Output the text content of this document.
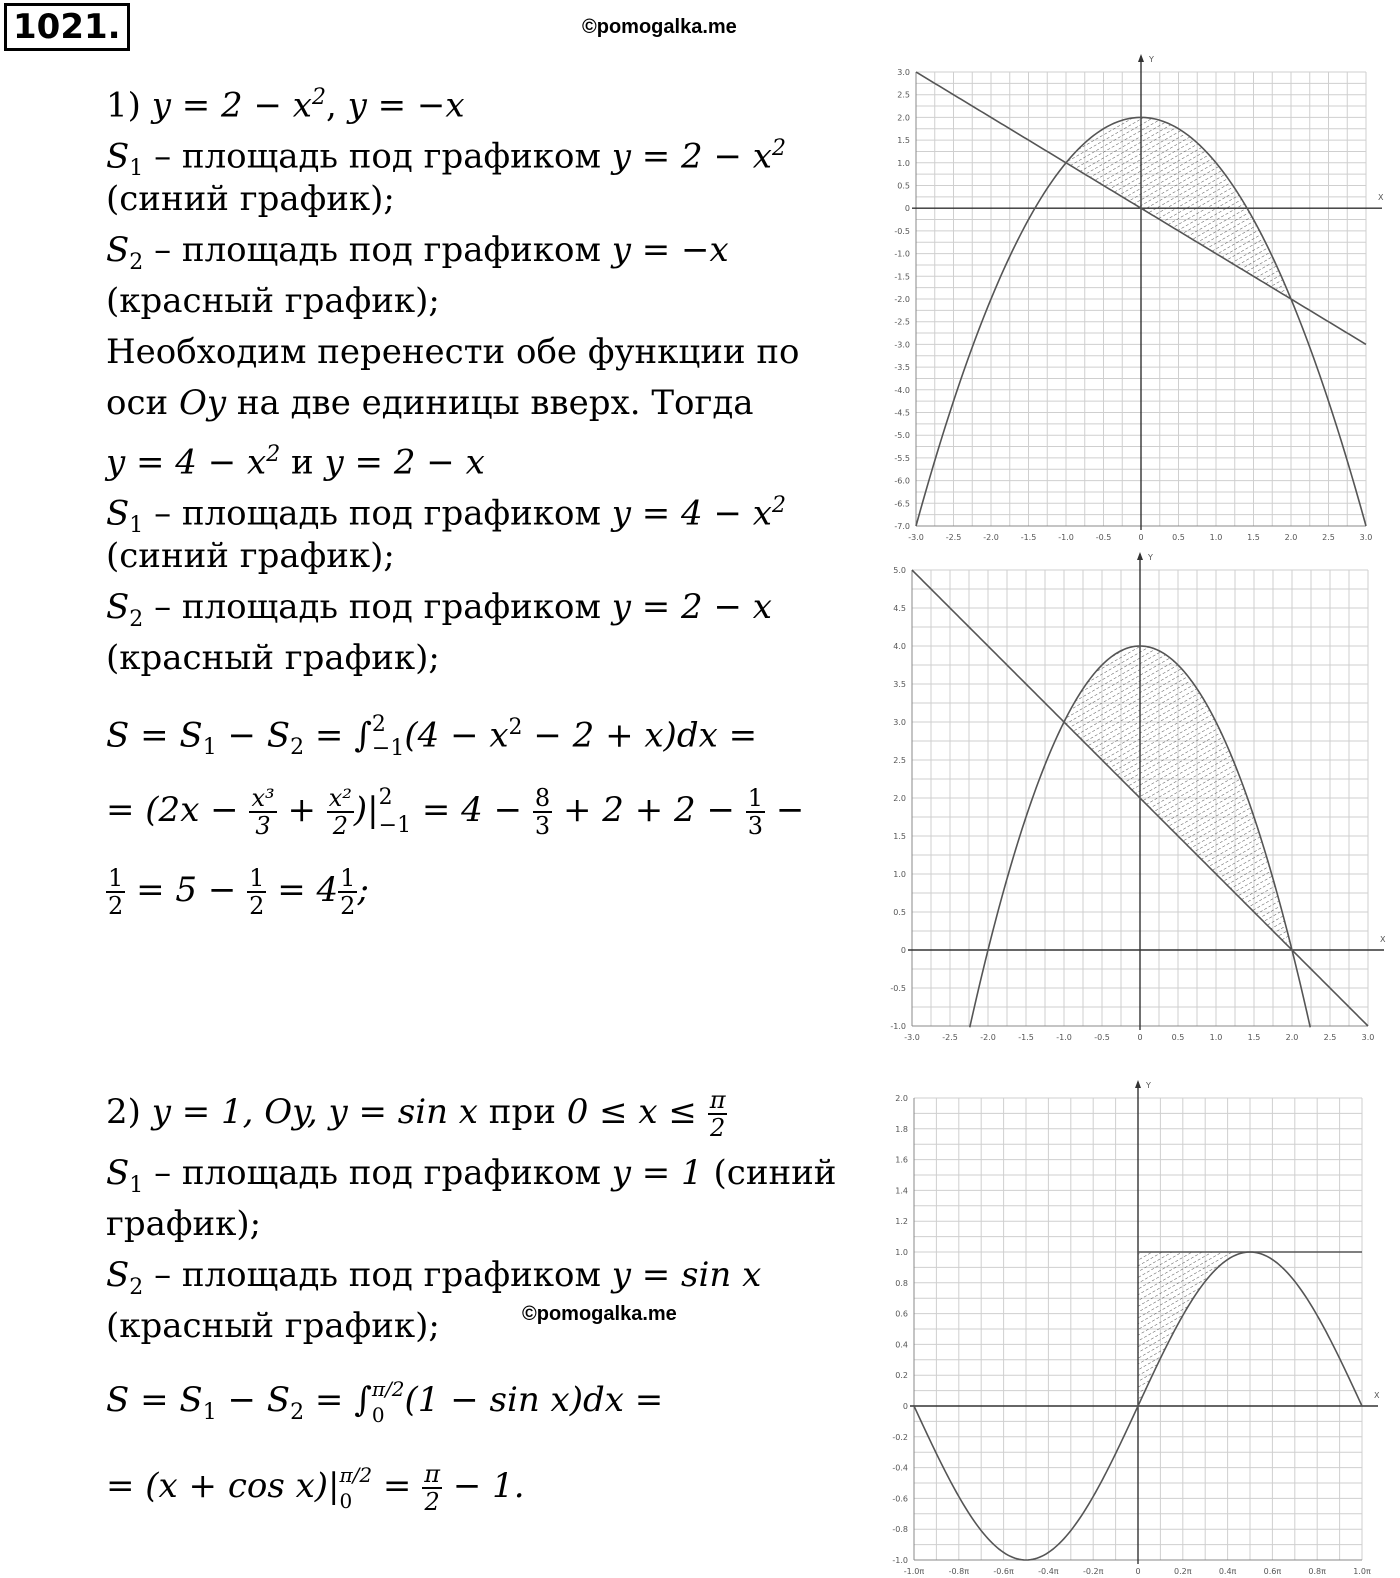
1021.	©pomogalka.me
©pomogalka.me
1) $y = 2 - x^2$, y = −x
$S_1$ – площадь под графиком $y = 2 - x^2$
(синий график);
$S_2$ – площадь под графиком y = −x
(красный график);
Необходим перенести обе функции по
оси Oy на две единицы вверх. Тогда
$y = 4 - x^2$ и y = 2 − x
$S_1$ – площадь под графиком $y = 4 - x^2$
(синий график);
$S_2$ – площадь под графиком y = 2 − x
(красный график);
$S = S_1 - S_2$ = ∫ 2
−1 $(4 - x^2 - 2 + x)dx$ =
= ($2x - \frac{\text{x³}}{3} + \frac{\text{x²}}{2}$ )| 2
$-1 = 4 - \frac{8}{3} + 2 + 2 - \frac{1}{3}$ −
$\frac{1}{2} = 5 - \frac{1}{2} = 4 \frac{1}{2}$ ;
2) y = 1, Oy, y = sin x при $0 \le x \le \frac{\pi}{2}$
$S_1$ – площадь под графиком y = 1 (синий
график);
$S_2$ – площадь под графиком y = sin x
(красный график);
$S = S_1 - S_2$ = ∫ π/2
0 (1 − sin x)dx =
= (x + cos x)| π/2
$0 = \frac{\pi}{2} - 1$.
X
Y
-3.0	-2.5	-2.0	-1.5	-1.0	-0.5	0	0.5	1.0	1.5	2.0	2.5	3.0
3.0
2.5
2.0
1.5
1.0
0.5
0
-0.5
-1.0
-1.5
-2.0
-2.5
-3.0
-3.5
-4.0
-4.5
-5.0
-5.5
-6.0
-6.5
-7.0
X
Y
-3.0	-2.5	-2.0	-1.5	-1.0	-0.5	0	0.5	1.0	1.5	2.0	2.5	3.0
5.0
4.5
4.0
3.5
3.0
2.5
2.0
1.5
1.0
0.5
0
-0.5
-1.0
X
Y
-1.0π	-0.8π	-0.6π	-0.4π	-0.2π	0	0.2π	0.4π	0.6π	0.8π	1.0π
2.0
1.8
1.6
1.4
1.2
1.0
0.8
0.6
0.4
0.2
0
-0.2
-0.4
-0.6
-0.8
-1.0
